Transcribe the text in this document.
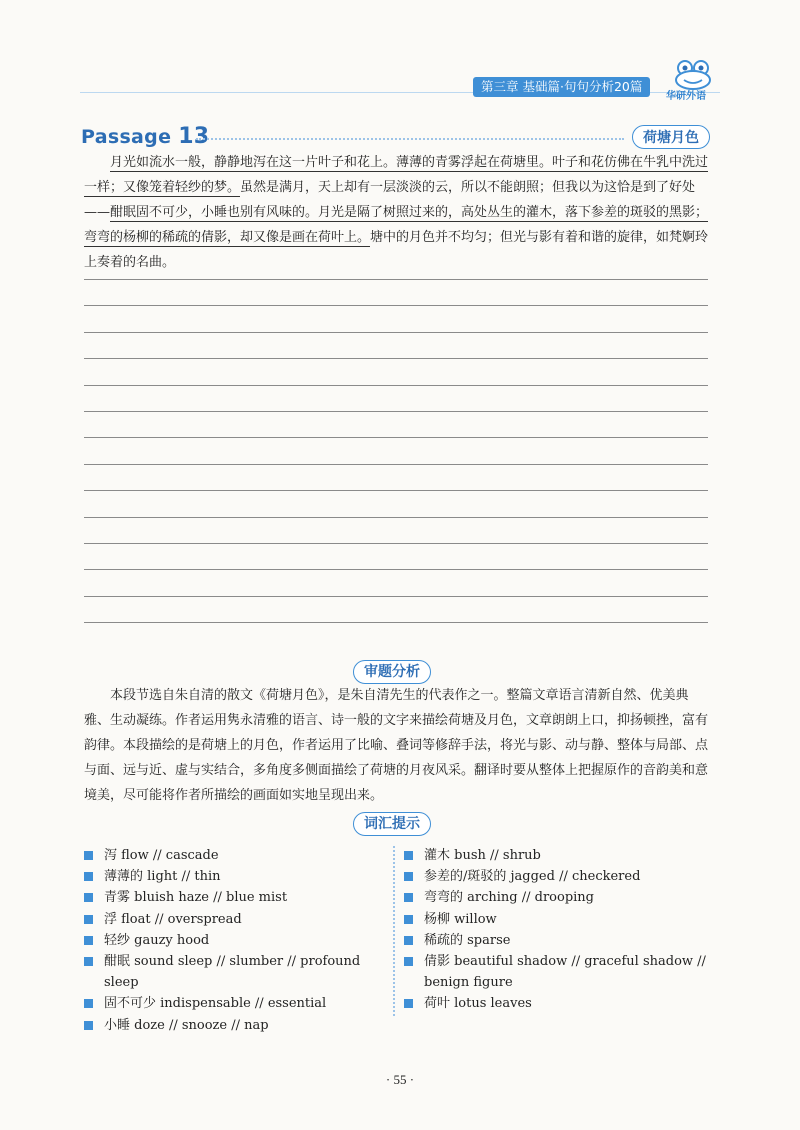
第三章 基础篇·句句分析20篇
华研外语
Passage 13	荷塘月色

月光如流水一般，静静地泻在这一片叶子和花上。薄薄的青雾浮起在荷塘里。叶子和花仿佛在牛乳中洗过一样；又像笼着轻纱的梦。虽然是满月，天上却有一层淡淡的云，所以不能朗照；但我以为这恰是到了好处——酣眠固不可少，小睡也别有风味的。月光是隔了树照过来的，高处丛生的灌木，落下参差的斑驳的黑影；弯弯的杨柳的稀疏的倩影，却又像是画在荷叶上。塘中的月色并不均匀；但光与影有着和谐的旋律，如梵婀玲上奏着的名曲。

审题分析

本段节选自朱自清的散文《荷塘月色》，是朱自清先生的代表作之一。整篇文章语言清新自然、优美典雅、生动凝练。作者运用隽永清雅的语言、诗一般的文字来描绘荷塘及月色，文章朗朗上口，抑扬顿挫，富有韵律。本段描绘的是荷塘上的月色，作者运用了比喻、叠词等修辞手法，将光与影、动与静、整体与局部、点与面、远与近、虚与实结合，多角度多侧面描绘了荷塘的月夜风采。翻译时要从整体上把握原作的音韵美和意境美，尽可能将作者所描绘的画面如实地呈现出来。

词汇提示
泻 flow // cascade
薄薄的 light // thin
青雾 bluish haze // blue mist
浮 float // overspread
轻纱 gauzy hood
酣眠 sound sleep // slumber // profound sleep
固不可少 indispensable // essential
小睡 doze // snooze // nap
灌木 bush // shrub
参差的/斑驳的 jagged // checkered
弯弯的 arching // drooping
杨柳 willow
稀疏的 sparse
倩影 beautiful shadow // graceful shadow // benign figure
荷叶 lotus leaves
· 55 ·
